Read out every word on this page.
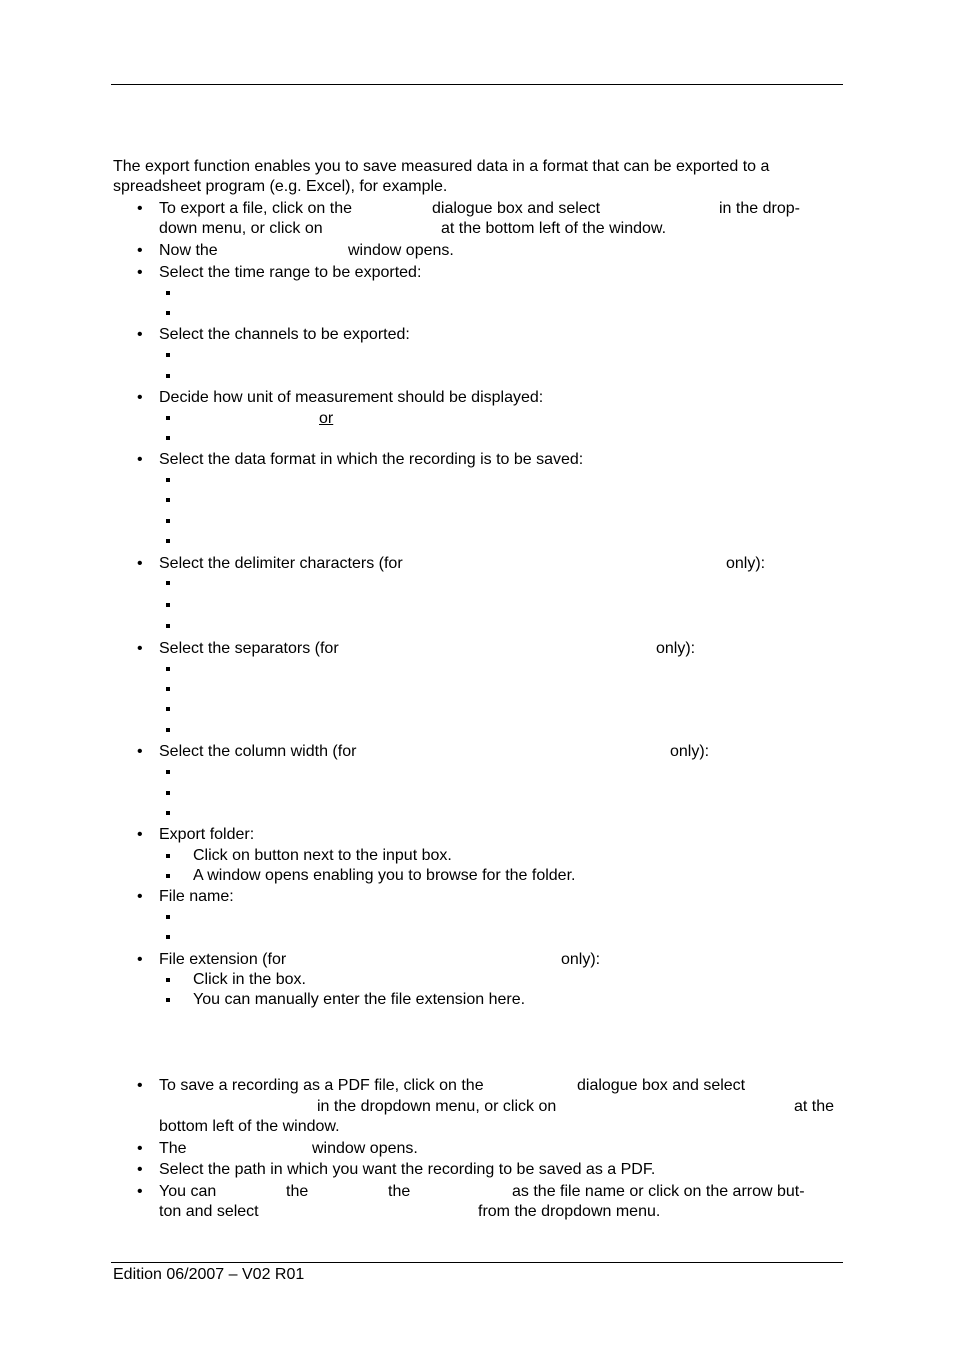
The export function enables you to save measured data in a format that can be exported to a
spreadsheet program (e.g. Excel), for example.
• To export a file, click on the	dialogue box and select	in the drop-
down menu, or click on	at the bottom left of the window.
• Now the	window opens.
• Select the time range to be exported:
• Select the channels to be exported:
• Decide how unit of measurement should be displayed:
or
• Select the data format in which the recording is to be saved:
• Select the delimiter characters (for	only):
• Select the separators (for	only):
• Select the column width (for	only):
• Export folder:
Click on button next to the input box.
A window opens enabling you to browse for the folder.
• File name:
• File extension (for	only):
Click in the box.
You can manually enter the file extension here.
• To save a recording as a PDF file, click on the	dialogue box and select
in the dropdown menu, or click on	at the
bottom left of the window.
• The	window opens.
• Select the path in which you want the recording to be saved as a PDF.
• You can	the	the	as the file name or click on the arrow but-
ton and select	from the dropdown menu.
Edition 06/2007 – V02 R01
